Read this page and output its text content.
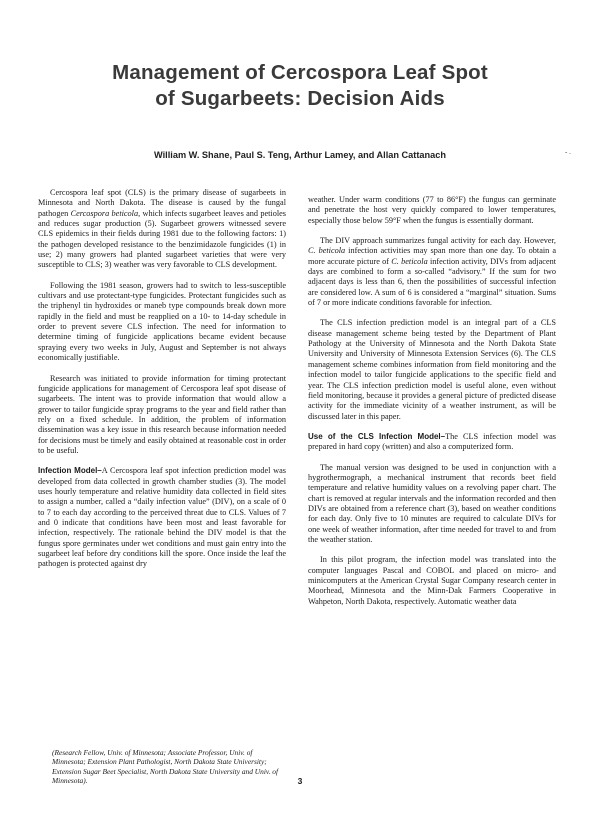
Management of Cercospora Leaf Spot
of Sugarbeets: Decision Aids

William W. Shane, Paul S. Teng, Arthur Lamey, and Allan Cattanach	- .

Cercospora leaf spot (CLS) is the primary disease of sugarbeets in Minnesota and North Dakota. The disease is caused by the fungal pathogen Cercospora beticola, which infects sugarbeet leaves and petioles and reduces sugar production (5). Sugarbeet growers witnessed severe CLS epidemics in their fields during 1981 due to the following factors: 1) the pathogen developed resistance to the benzimidazole fungicides (1) in use; 2) many growers had planted sugarbeet varieties that were very susceptible to CLS; 3) weather was very favorable to CLS development.

Following the 1981 season, growers had to switch to less-susceptible cultivars and use protectant-type fungicides. Protectant fungicides such as the triphenyl tin hydroxides or maneb type compounds break down more rapidly in the field and must be reapplied on a 10- to 14-day schedule in order to prevent severe CLS infection. The need for information to determine timing of fungicide applications became evident because spraying every two weeks in July, August and September is not always economically justifiable.

Research was initiated to provide information for timing protectant fungicide applications for management of Cercospora leaf spot disease of sugarbeets. The intent was to provide information that would allow a grower to tailor fungicide spray programs to the year and field rather than rely on a fixed schedule. In addition, the problem of information dissemination was a key issue in this research because information needed for decisions must be timely and easily obtained at reasonable cost in order to be useful.

Infection Model–A Cercospora leaf spot infection prediction model was developed from data collected in growth chamber studies (3). The model uses hourly temperature and relative humidity data collected in field sites to assign a number, called a “daily infection value” (DIV), on a scale of 0 to 7 to each day according to the perceived threat due to CLS. Values of 7 and 0 indicate that conditions have been most and least favorable for infection, respectively. The rationale behind the DIV model is that the fungus spore germinates under wet conditions and must gain entry into the sugarbeet leaf before dry conditions kill the spore. Once inside the leaf the pathogen is protected against dry

weather. Under warm conditions (77 to 86°F) the fungus can germinate and penetrate the host very quickly compared to lower temperatures, especially those below 59°F when the fungus is essentially dormant.

The DIV approach summarizes fungal activity for each day. However, C. beticola infection activities may span more than one day. To obtain a more accurate picture of C. beticola infection activity, DIVs from adjacent days are combined to form a so-called “advisory.” If the sum for two adjacent days is less than 6, then the possibilities of successful infection are considered low. A sum of 6 is considered a “marginal” situation. Sums of 7 or more indicate conditions favorable for infection.

The CLS infection prediction model is an integral part of a CLS disease management scheme being tested by the Department of Plant Pathology at the University of Minnesota and the North Dakota State University and University of Minnesota Extension Services (6). The CLS management scheme combines information from field monitoring and the infection model to tailor fungicide applications to the specific field and year. The CLS infection prediction model is useful alone, even without field monitoring, because it provides a general picture of predicted disease activity for the immediate vicinity of a weather instrument, as will be discussed later in this paper.

Use of the CLS Infection Model–The CLS infection model was prepared in hard copy (written) and also a computerized form.

The manual version was designed to be used in conjunction with a hygrothermograph, a mechanical instrument that records beet field temperature and relative humidity values on a revolving paper chart. The chart is removed at regular intervals and the information recorded and then DIVs are obtained from a reference chart (3), based on weather conditions for each day. Only five to 10 minutes are required to calculate DIVs for one week of weather information, after time needed for travel to and from the weather station.

In this pilot program, the infection model was translated into the computer languages Pascal and COBOL and placed on micro- and minicomputers at the American Crystal Sugar Company research center in Moorhead, Minnesota and the Minn-Dak Farmers Cooperative in Wahpeton, North Dakota, respectively. Automatic weather data

(Research Fellow, Univ. of Minnesota; Associate Professor, Univ. of Minnesota; Extension Plant Pathologist, North Dakota State University; Extension Sugar Beet Specialist, North Dakota State University and Univ. of Minnesota).	3
